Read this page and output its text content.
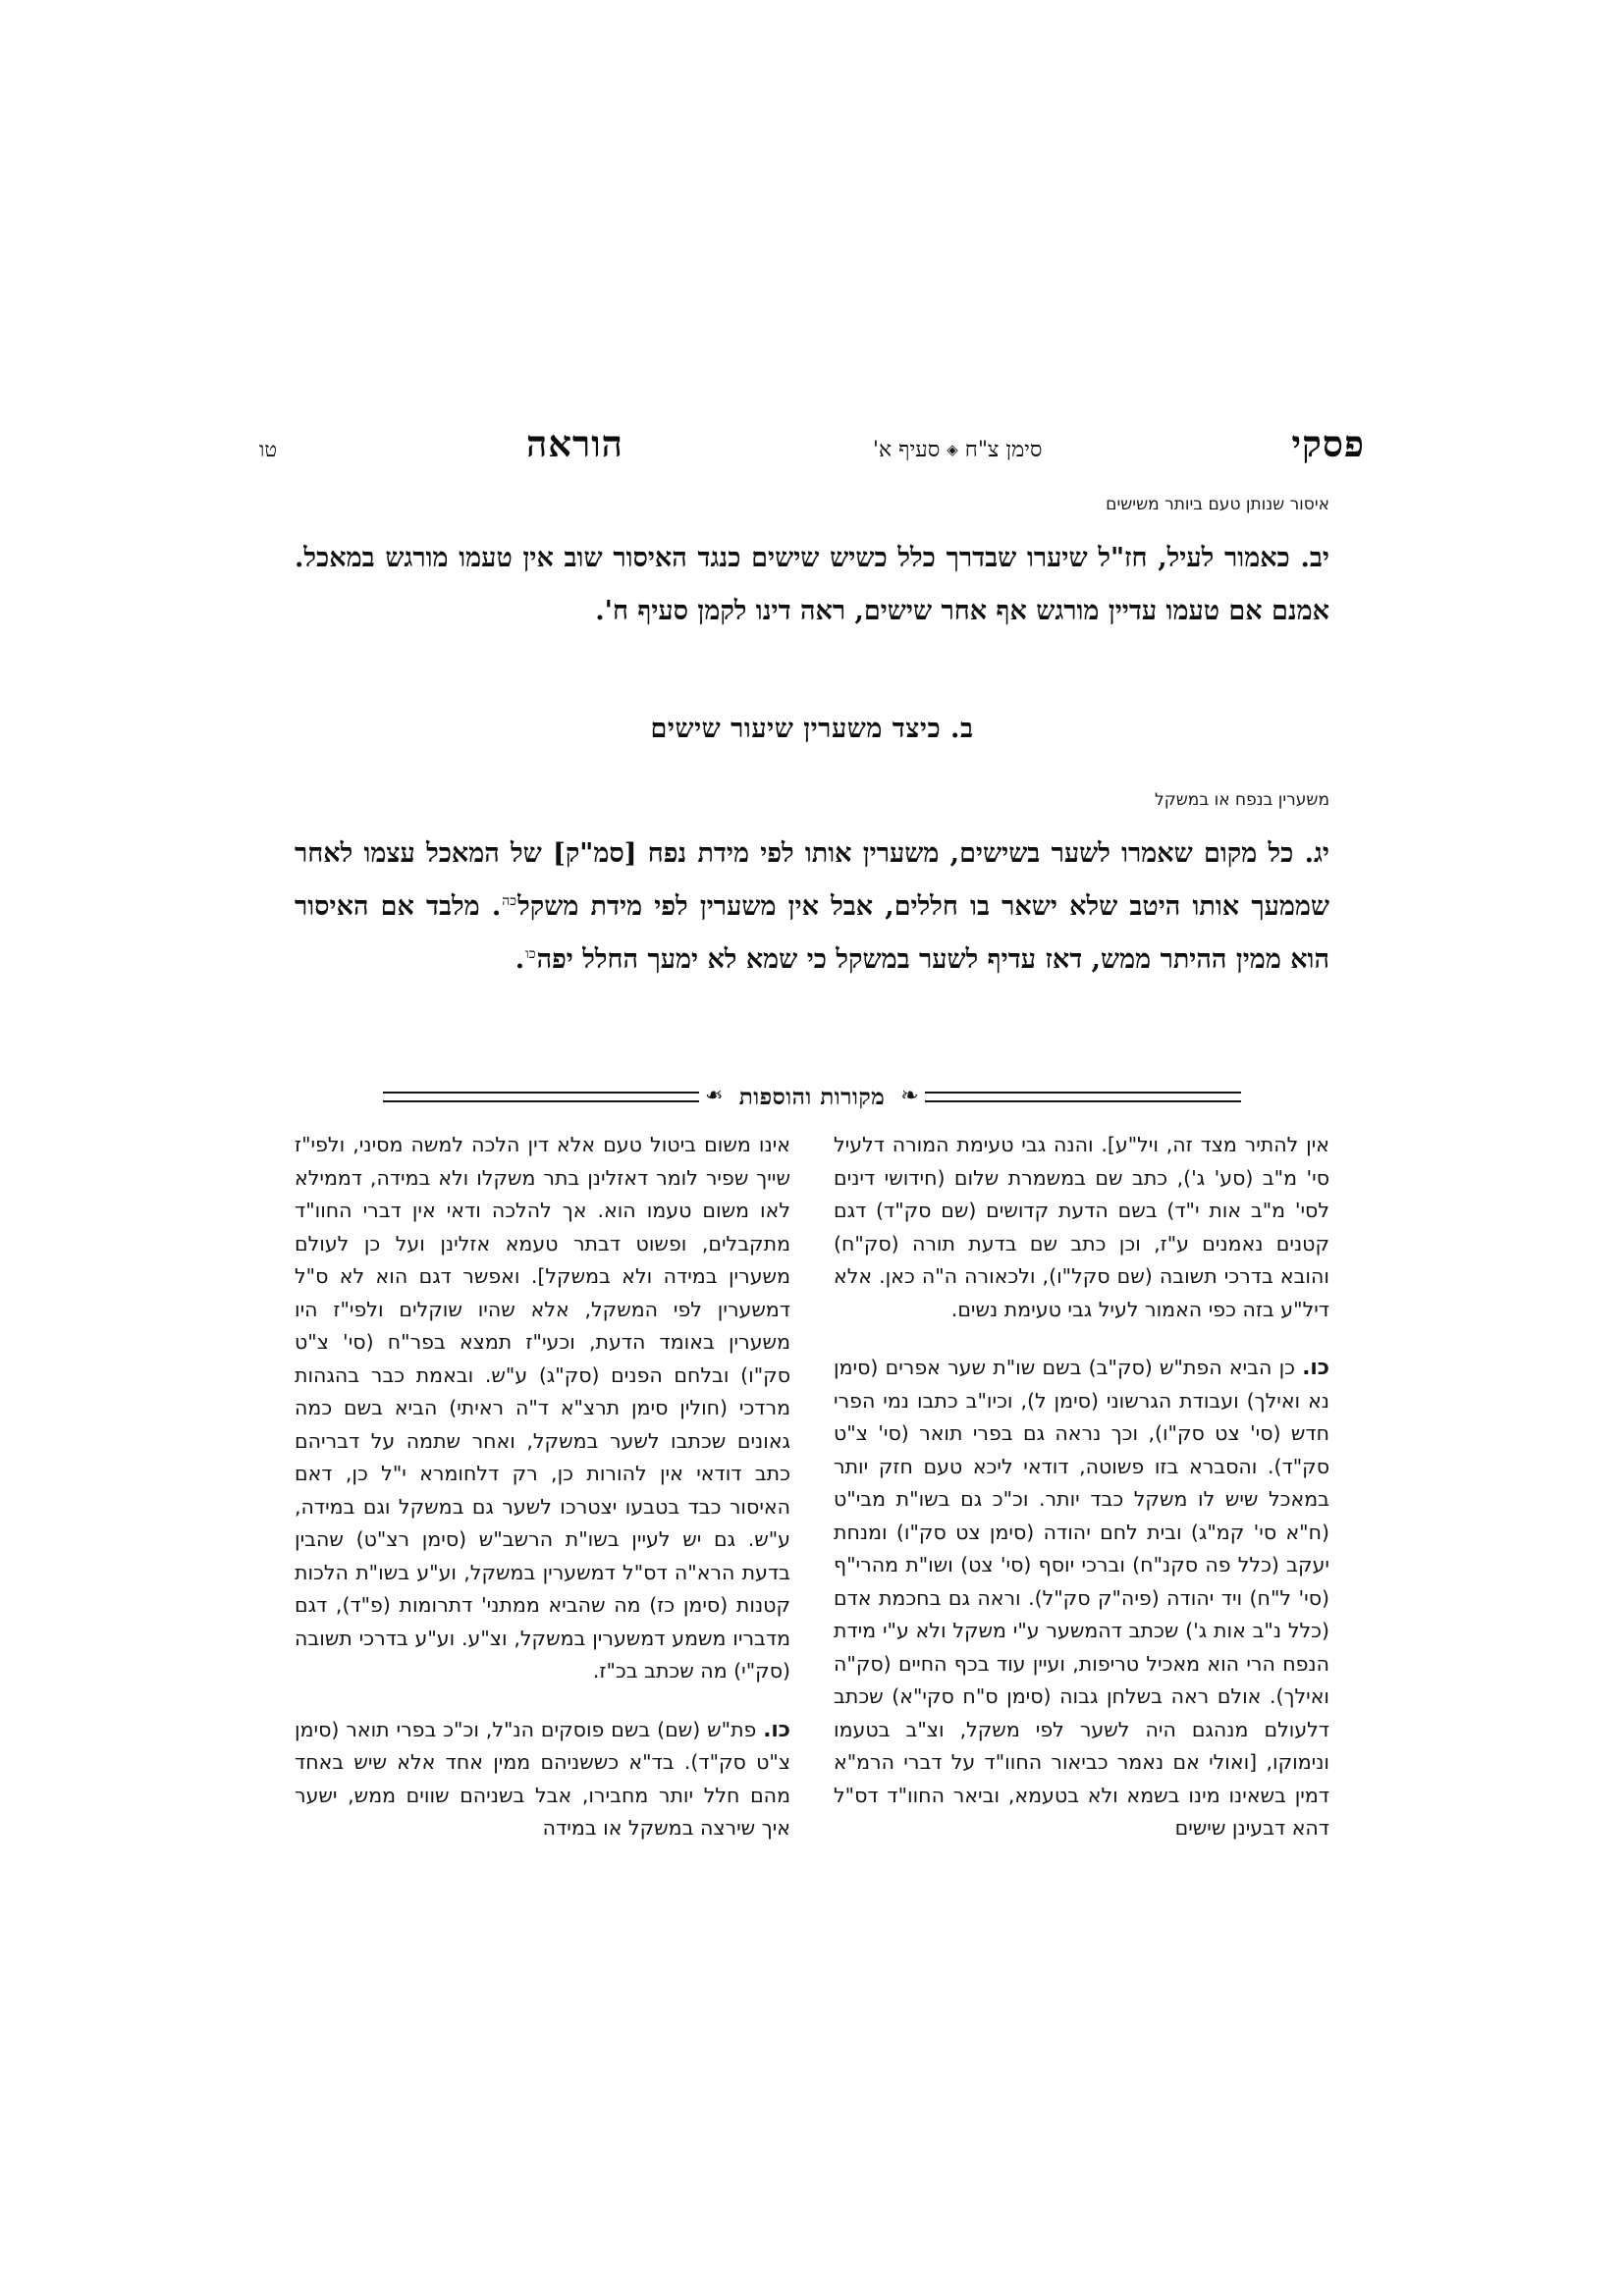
פסקי
סימן צ"ח◈סעיף א'
הוראה
טו
איסור שנותן טעם ביותר משישים
יב. כאמור לעיל, חז"ל שיערו שבדרך כלל כשיש שישים כנגד האיסור שוב אין טעמו מורגש במאכל. אמנם אם טעמו עדיין מורגש אף אחר שישים, ראה דינו לקמן סעיף ח'.
ב. כיצד משערין שיעור שישים
משערין בנפח או במשקל
יג. כל מקום שאמרו לשער בשישים, משערין אותו לפי מידת נפח [סמ"ק] של המאכל עצמו לאחר שממעך אותו היטב שלא ישאר בו חללים, אבל אין משערין לפי מידת משקל$^{כה}$. מלבד אם האיסור הוא ממין ההיתר ממש, דאז עדיף לשער במשקל כי שמא לא ימעך החלל יפה$^{כו}$.
❧
מקורות והוספות
❧

אין להתיר מצד זה, ויל"ע]. והנה גבי טעימת המורה דלעיל סי' מ"ב (סע' ג'), כתב שם במשמרת שלום (חידושי דינים לסי' מ"ב אות י"ד) בשם הדעת קדושים (שם סק"ד) דגם קטנים נאמנים ע"ז, וכן כתב שם בדעת תורה (סק"ח) והובא בדרכי תשובה (שם סקל"ו), ולכאורה ה"ה כאן. אלא דיל"ע בזה כפי האמור לעיל גבי טעימת נשים.

כו. כן הביא הפת"ש (סק"ב) בשם שו"ת שער אפרים (סימן נא ואילך) ועבודת הגרשוני (סימן ל), וכיו"ב כתבו נמי הפרי חדש (סי' צט סק"ו), וכך נראה גם בפרי תואר (סי' צ"ט סק"ד). והסברא בזו פשוטה, דודאי ליכא טעם חזק יותר במאכל שיש לו משקל כבד יותר. וכ"כ גם בשו"ת מבי"ט (ח"א סי' קמ"ג) ובית לחם יהודה (סימן צט סק"ו) ומנחת יעקב (כלל פה סקנ"ח) וברכי יוסף (סי' צט) ושו"ת מהרי"ף (סי' ל"ח) ויד יהודה (פיה"ק סק"ל). וראה גם בחכמת אדם (כלל נ"ב אות ג') שכתב דהמשער ע"י משקל ולא ע"י מידת הנפח הרי הוא מאכיל טריפות, ועיין עוד בכף החיים (סק"ה ואילך). אולם ראה בשלחן גבוה (סימן ס"ח סקי"א) שכתב דלעולם מנהגם היה לשער לפי משקל, וצ"ב בטעמו ונימוקו, [ואולי אם נאמר כביאור החוו"ד על דברי הרמ"א דמין בשאינו מינו בשמא ולא בטעמא, וביאר החוו"ד דס"ל דהא דבעינן שישים

אינו משום ביטול טעם אלא דין הלכה למשה מסיני, ולפי"ז שייך שפיר לומר דאזלינן בתר משקלו ולא במידה, דממילא לאו משום טעמו הוא. אך להלכה ודאי אין דברי החוו"ד מתקבלים, ופשוט דבתר טעמא אזלינן ועל כן לעולם משערין במידה ולא במשקל]. ואפשר דגם הוא לא ס"ל דמשערין לפי המשקל, אלא שהיו שוקלים ולפי"ז היו משערין באומד הדעת, וכעי"ז תמצא בפר"ח (סי' צ"ט סק"ו) ובלחם הפנים (סק"ג) ע"ש. ובאמת כבר בהגהות מרדכי (חולין סימן תרצ"א ד"ה ראיתי) הביא בשם כמה גאונים שכתבו לשער במשקל, ואחר שתמה על דבריהם כתב דודאי אין להורות כן, רק דלחומרא י"ל כן, דאם האיסור כבד בטבעו יצטרכו לשער גם במשקל וגם במידה, ע"ש. גם יש לעיין בשו"ת הרשב"ש (סימן רצ"ט) שהבין בדעת הרא"ה דס"ל דמשערין במשקל, וע"ע בשו"ת הלכות קטנות (סימן כז) מה שהביא ממתני' דתרומות (פ"ד), דגם מדבריו משמע דמשערין במשקל, וצ"ע. וע"ע בדרכי תשובה (סק"י) מה שכתב בכ"ז.

כו. פת"ש (שם) בשם פוסקים הנ"ל, וכ"כ בפרי תואר (סימן צ"ט סק"ד). בד"א כששניהם ממין אחד אלא שיש באחד מהם חלל יותר מחבירו, אבל בשניהם שווים ממש, ישער איך שירצה במשקל או במידה
